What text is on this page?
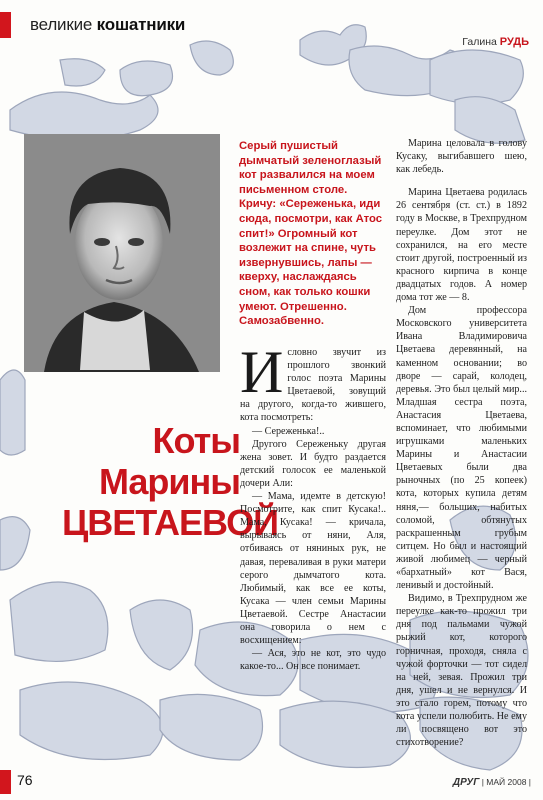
великие кошатники
Галина РУДЬ
Коты
Марины
ЦВЕТАЕВОЙ
Серый пушистый дымчатый зеленоглазый кот развалился на моем письменном столе. Кричу: «Сереженька, иди сюда, посмотри, как Атос спит!» Огромный кот возлежит на спине, чуть извернувшись, лапы — кверху, наслаждаясь сном, как только кошки умеют. Отрешенно. Самозабвенно.

Исловно звучит из прошлого звонкий голос поэта Марины Цветаевой, зовущий на другого, когда-то жившего, кота посмотреть:

— Сереженька!..

Другого Сереженьку другая жена зовет. И будто раздается детский голосок ее маленькой дочери Али:

— Мама, идемте в детскую! Посмотрите, как спит Кусака!.. Мама, Кусака! — кричала, вырываясь от няни, Аля, отбиваясь от няниных рук, не давая, переваливая в руки матери серого дымчатого кота. Любимый, как все ее коты, Кусака — член семьи Марины Цветаевой. Сестре Анастасии она говорила о нем с восхищением:

— Ася, это не кот, это чудо какое-то... Он все понимает.

Марина целовала в голову Кусаку, выгибавшего шею, как лебедь.

Марина Цветаева родилась 26 сентября (ст. ст.) в 1892 году в Москве, в Трехпрудном переулке. Дом этот не сохранился, на его месте стоит другой, построенный из красного кирпича в конце двадцатых годов. А номер дома тот же — 8.

Дом профессора Московского университета Ивана Владимировича Цветаева деревянный, на каменном основании; во дворе — сарай, колодец, деревья. Это был целый мир... Младшая сестра поэта, Анастасия Цветаева, вспоминает, что любимыми игрушками маленьких Марины и Анастасии Цветаевых были два рыночных (по 25 копеек) кота, которых купила детям няня,— больших, набитых соломой, обтянутых раскрашенным грубым ситцем. Но был и настоящий живой любимец — черный «бархатный» кот Вася, ленивый и достойный.

Видимо, в Трехпрудном же переулке как-то прожил три дня под пальмами чужой рыжий кот, которого горничная, проходя, сняла с чужой форточки — тот сидел на ней, зевая. Прожил три дня, ушел и не вернулся. И это стало горем, потому что кота успели полюбить. Не ему ли посвящено вот это стихотворение?

76	ДРУГ | МАЙ 2008 |
